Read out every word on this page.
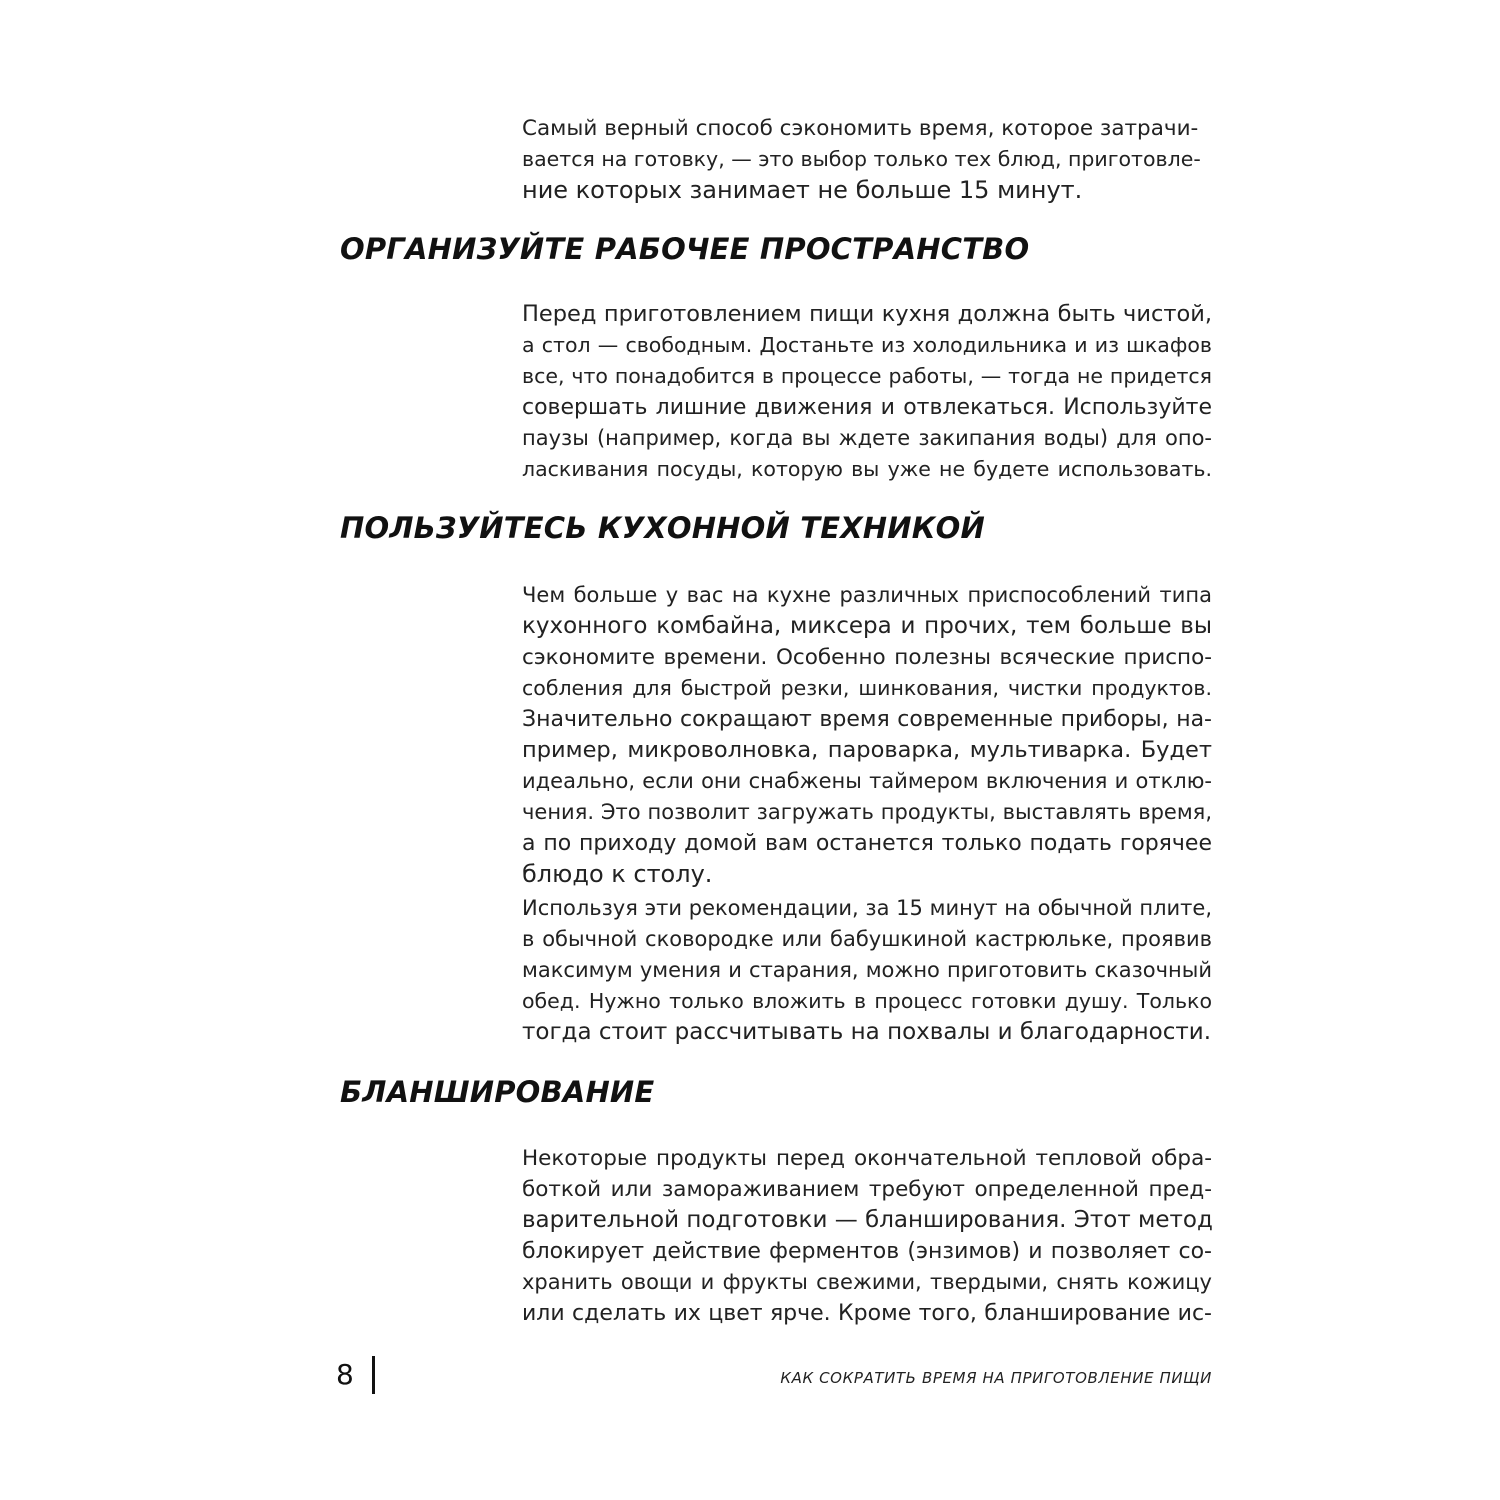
Самый верный способ сэкономить время, которое затрачи-
вается на готовку, — это выбор только тех блюд, приготовле-
ние которых занимает не больше 15 минут.
ОРГАНИЗУЙТЕ РАБОЧЕЕ ПРОСТРАНСТВО
Перед приготовлением пищи кухня должна быть чистой,
а стол — свободным. Достаньте из холодильника и из шкафов
все, что понадобится в процессе работы, — тогда не придется
совершать лишние движения и отвлекаться. Используйте
паузы (например, когда вы ждете закипания воды) для опо-
ласкивания посуды, которую вы уже не будете использовать.
ПОЛЬЗУЙТЕСЬ КУХОННОЙ ТЕХНИКОЙ
Чем больше у вас на кухне различных приспособлений типа
кухонного комбайна, миксера и прочих, тем больше вы
сэкономите времени. Особенно полезны всяческие приспо-
собления для быстрой резки, шинкования, чистки продуктов.
Значительно сокращают время современные приборы, на-
пример, микроволновка, пароварка, мультиварка. Будет
идеально, если они снабжены таймером включения и отклю-
чения. Это позволит загружать продукты, выставлять время,
а по приходу домой вам останется только подать горячее
блюдо к столу.
Используя эти рекомендации, за 15 минут на обычной плите,
в обычной сковородке или бабушкиной кастрюльке, проявив
максимум умения и старания, можно приготовить сказочный
обед. Нужно только вложить в процесс готовки душу. Только
тогда стоит рассчитывать на похвалы и благодарности.
БЛАНШИРОВАНИЕ
Некоторые продукты перед окончательной тепловой обра-
боткой или замораживанием требуют определенной пред-
варительной подготовки — бланширования. Этот метод
блокирует действие ферментов (энзимов) и позволяет со-
хранить овощи и фрукты свежими, твердыми, снять кожицу
или сделать их цвет ярче. Кроме того, бланширование ис-
8	КАК СОКРАТИТЬ ВРЕМЯ НА ПРИГОТОВЛЕНИЕ ПИЩИ
